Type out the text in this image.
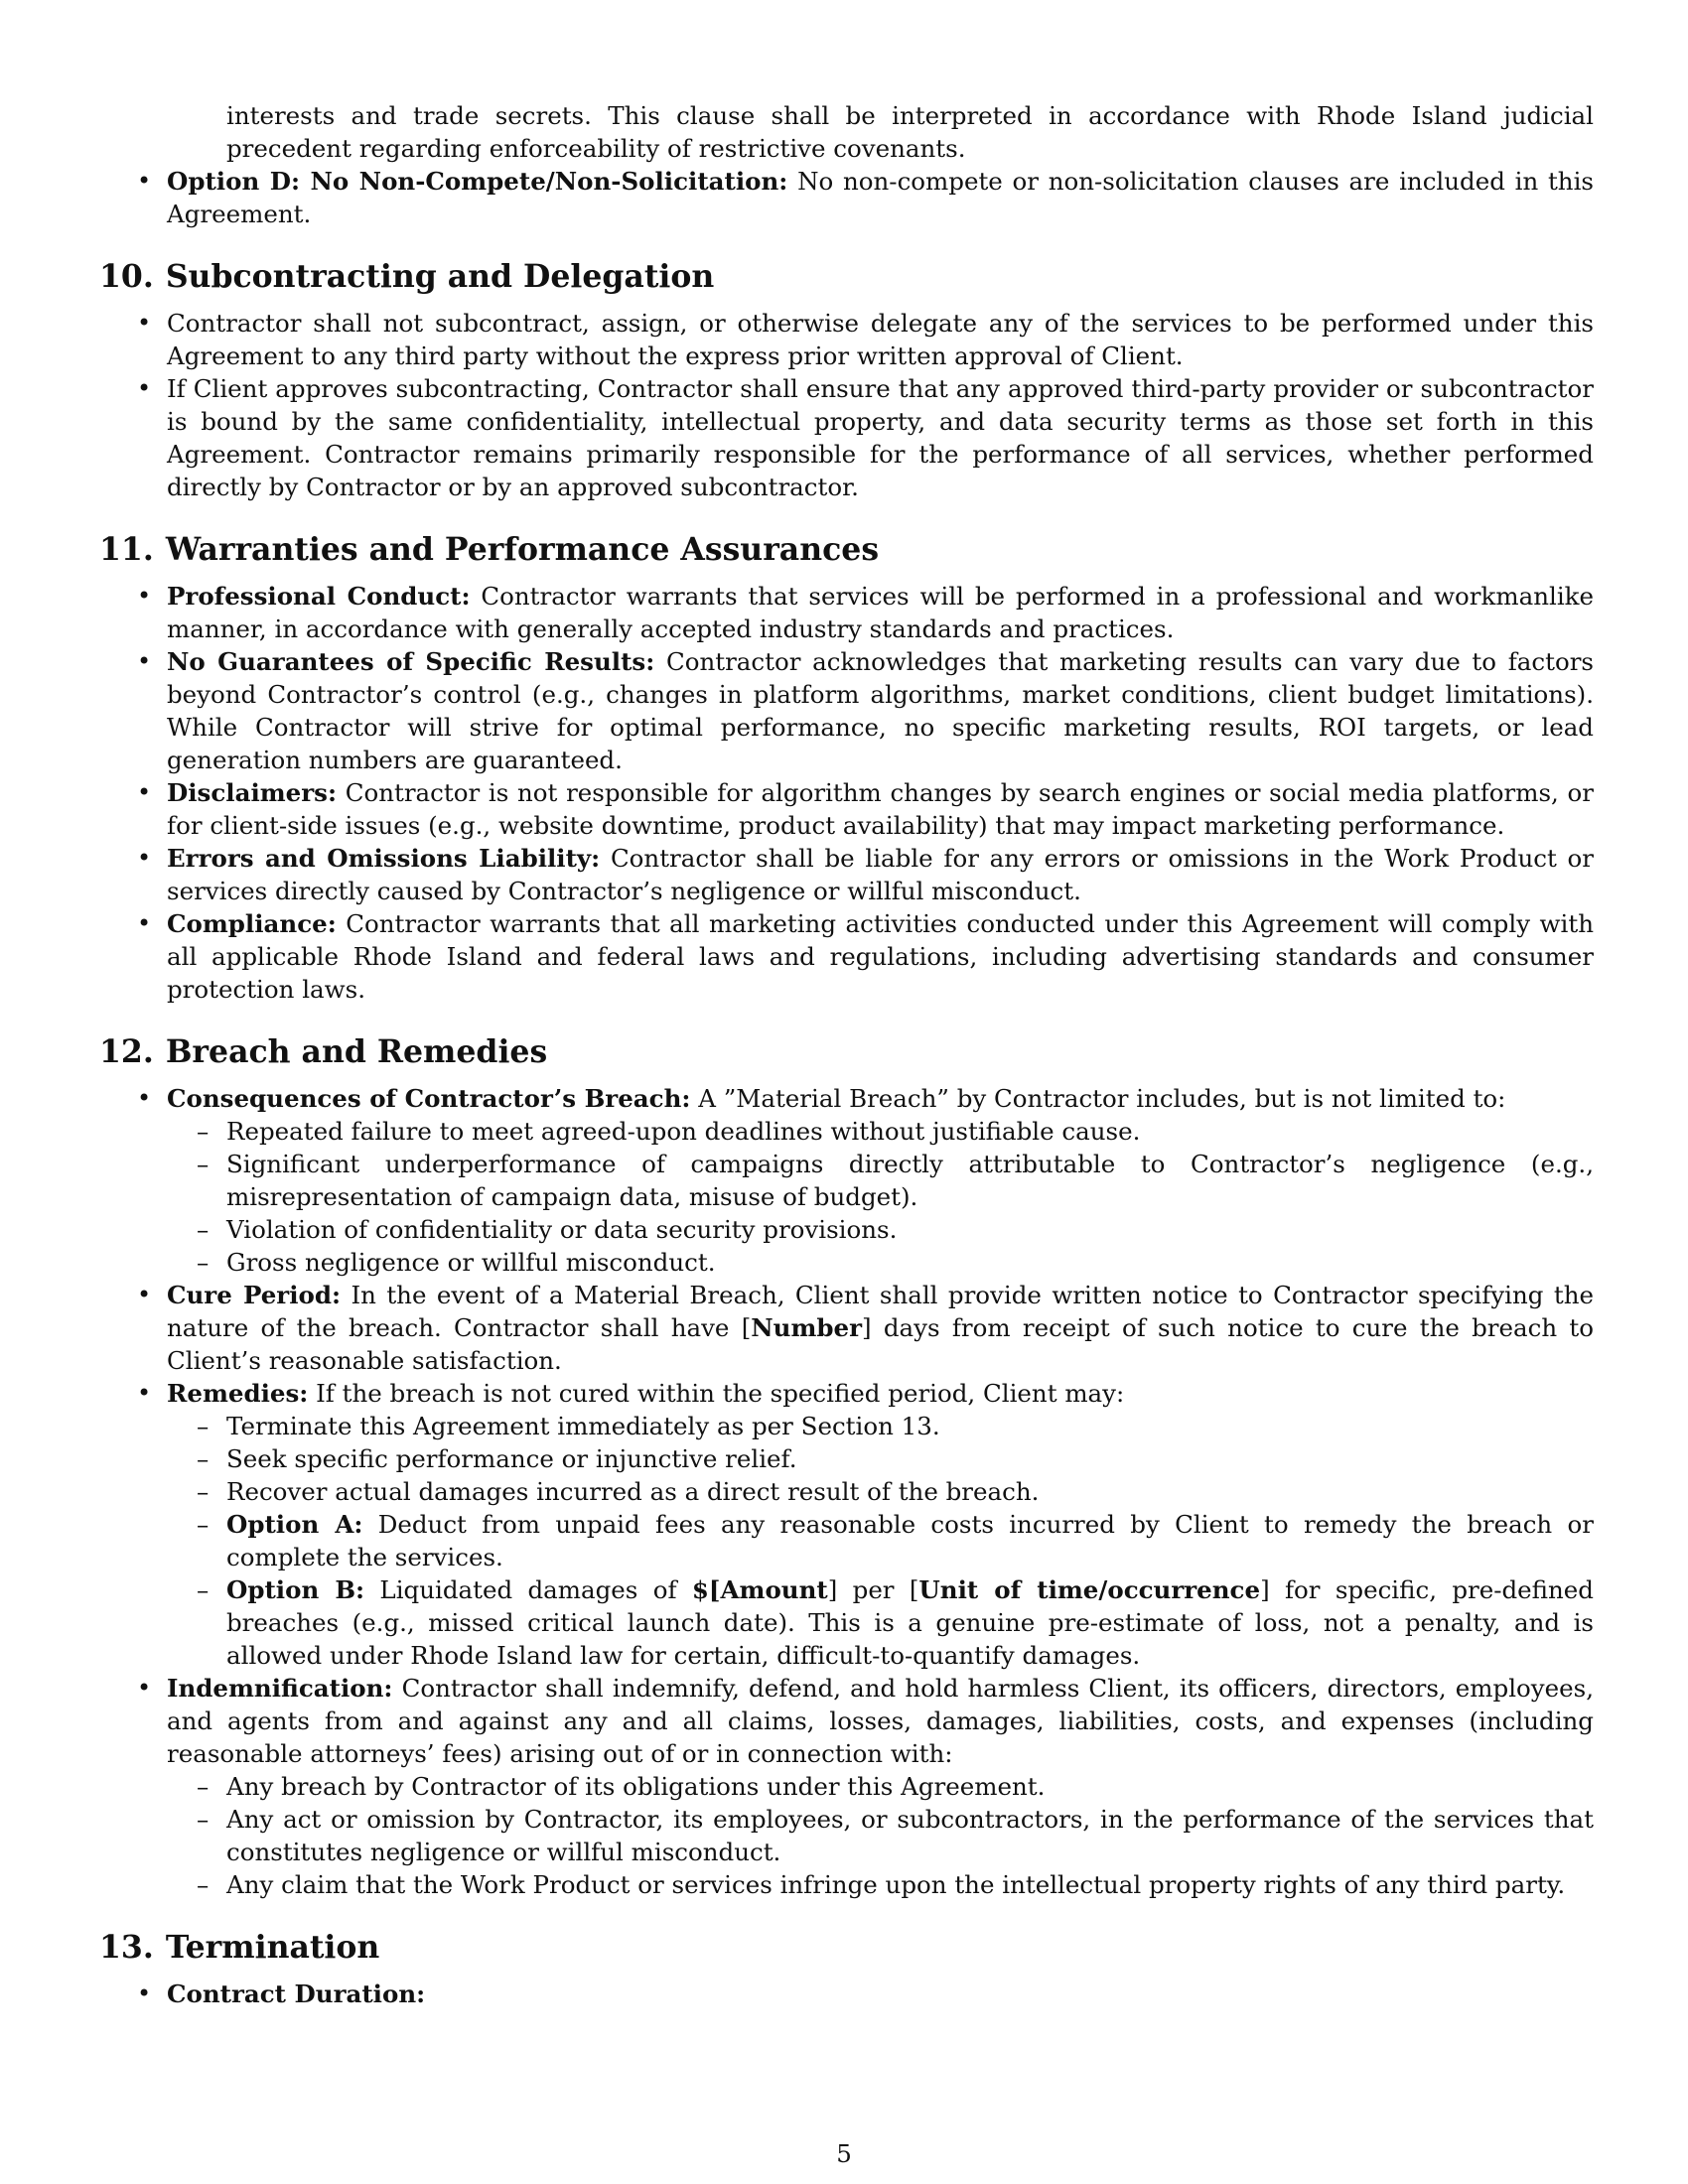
interests and trade secrets. This clause shall be interpreted in accordance with Rhode Island judicial precedent regarding enforceability of restrictive covenants.

• Option D: No Non-Compete/Non-Solicitation: No non-compete or non-solicitation clauses are included in this Agreement.
10. Subcontracting and Delegation
• Contractor shall not subcontract, assign, or otherwise delegate any of the services to be performed under this Agreement to any third party without the express prior written approval of Client.
• If Client approves subcontracting, Contractor shall ensure that any approved third-party provider or subcontractor is bound by the same confidentiality, intellectual property, and data security terms as those set forth in this Agreement. Contractor remains primarily responsible for the performance of all services, whether performed directly by Contractor or by an approved subcontractor.
11. Warranties and Performance Assurances
• Professional Conduct: Contractor warrants that services will be performed in a professional and workmanlike manner, in accordance with generally accepted industry standards and practices.
• No Guarantees of Specific Results: Contractor acknowledges that marketing results can vary due to factors beyond Contractor’s control (e.g., changes in platform algorithms, market conditions, client budget limitations). While Contractor will strive for optimal performance, no specific marketing results, ROI targets, or lead generation numbers are guaranteed.
• Disclaimers: Contractor is not responsible for algorithm changes by search engines or social media platforms, or for client-side issues (e.g., website downtime, product availability) that may impact marketing performance.
• Errors and Omissions Liability: Contractor shall be liable for any errors or omissions in the Work Product or services directly caused by Contractor’s negligence or willful misconduct.
• Compliance: Contractor warrants that all marketing activities conducted under this Agreement will comply with all applicable Rhode Island and federal laws and regulations, including advertising standards and consumer protection laws.
12. Breach and Remedies
• Consequences of Contractor’s Breach: A ”Material Breach” by Contractor includes, but is not limited to:
– Repeated failure to meet agreed-upon deadlines without justifiable cause.
– Significant underperformance of campaigns directly attributable to Contractor’s negligence (e.g., misrepresentation of campaign data, misuse of budget).
– Violation of confidentiality or data security provisions.
– Gross negligence or willful misconduct.
• Cure Period: In the event of a Material Breach, Client shall provide written notice to Contractor specifying the nature of the breach. Contractor shall have [Number] days from receipt of such notice to cure the breach to Client’s reasonable satisfaction.
• Remedies: If the breach is not cured within the specified period, Client may:
– Terminate this Agreement immediately as per Section 13.
– Seek specific performance or injunctive relief.
– Recover actual damages incurred as a direct result of the breach.
– Option A: Deduct from unpaid fees any reasonable costs incurred by Client to remedy the breach or complete the services.
– Option B: Liquidated damages of $[Amount] per [Unit of time/occurrence] for specific, pre-defined breaches (e.g., missed critical launch date). This is a genuine pre-estimate of loss, not a penalty, and is allowed under Rhode Island law for certain, difficult-to-quantify damages.
• Indemnification: Contractor shall indemnify, defend, and hold harmless Client, its officers, directors, employees, and agents from and against any and all claims, losses, damages, liabilities, costs, and expenses (including reasonable attorneys’ fees) arising out of or in connection with:
– Any breach by Contractor of its obligations under this Agreement.
– Any act or omission by Contractor, its employees, or subcontractors, in the performance of the services that constitutes negligence or willful misconduct.
– Any claim that the Work Product or services infringe upon the intellectual property rights of any third party.
13. Termination
• Contract Duration:
5
